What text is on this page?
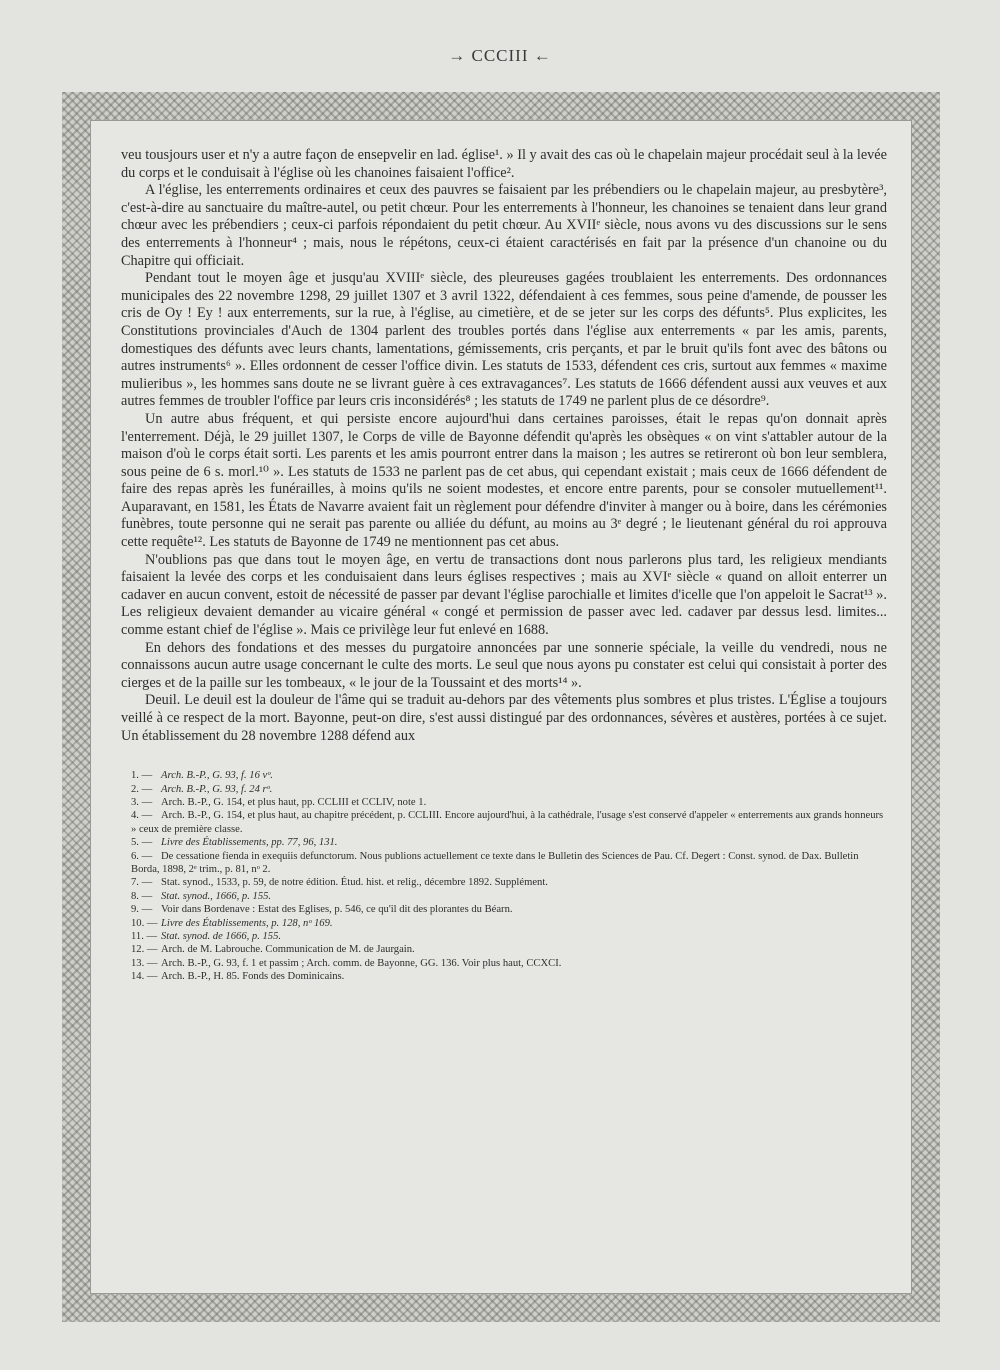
→ CCCIII ←

veu tousjours user et n'y a autre façon de ensepvelir en lad. église¹. » Il y avait des cas où le chapelain majeur procédait seul à la levée du corps et le conduisait à l'église où les chanoines faisaient l'office².

A l'église, les enterrements ordinaires et ceux des pauvres se faisaient par les prébendiers ou le chapelain majeur, au presbytère³, c'est-à-dire au sanctuaire du maître-autel, ou petit chœur. Pour les enterrements à l'honneur, les chanoines se tenaient dans leur grand chœur avec les prébendiers ; ceux-ci parfois répondaient du petit chœur. Au XVIIᵉ siècle, nous avons vu des discussions sur le sens des enterrements à l'honneur⁴ ; mais, nous le répétons, ceux-ci étaient caractérisés en fait par la présence d'un chanoine ou du Chapitre qui officiait.

Pendant tout le moyen âge et jusqu'au XVIIIᵉ siècle, des pleureuses gagées troublaient les enterrements. Des ordonnances municipales des 22 novembre 1298, 29 juillet 1307 et 3 avril 1322, défendaient à ces femmes, sous peine d'amende, de pousser les cris de Oy ! Ey ! aux enterrements, sur la rue, à l'église, au cimetière, et de se jeter sur les corps des défunts⁵. Plus explicites, les Constitutions provinciales d'Auch de 1304 parlent des troubles portés dans l'église aux enterrements « par les amis, parents, domestiques des défunts avec leurs chants, lamentations, gémissements, cris perçants, et par le bruit qu'ils font avec des bâtons ou autres instruments⁶ ». Elles ordonnent de cesser l'office divin. Les statuts de 1533, défendent ces cris, surtout aux femmes « maxime mulieribus », les hommes sans doute ne se livrant guère à ces extravagances⁷. Les statuts de 1666 défendent aussi aux veuves et aux autres femmes de troubler l'office par leurs cris inconsidérés⁸ ; les statuts de 1749 ne parlent plus de ce désordre⁹.

Un autre abus fréquent, et qui persiste encore aujourd'hui dans certaines paroisses, était le repas qu'on donnait après l'enterrement. Déjà, le 29 juillet 1307, le Corps de ville de Bayonne défendit qu'après les obsèques « on vint s'attabler autour de la maison d'où le corps était sorti. Les parents et les amis pourront entrer dans la maison ; les autres se retireront où bon leur semblera, sous peine de 6 s. morl.¹⁰ ». Les statuts de 1533 ne parlent pas de cet abus, qui cependant existait ; mais ceux de 1666 défendent de faire des repas après les funérailles, à moins qu'ils ne soient modestes, et encore entre parents, pour se consoler mutuellement¹¹. Auparavant, en 1581, les États de Navarre avaient fait un règlement pour défendre d'inviter à manger ou à boire, dans les cérémonies funèbres, toute personne qui ne serait pas parente ou alliée du défunt, au moins au 3ᵉ degré ; le lieutenant général du roi approuva cette requête¹². Les statuts de Bayonne de 1749 ne mentionnent pas cet abus.

N'oublions pas que dans tout le moyen âge, en vertu de transactions dont nous parlerons plus tard, les religieux mendiants faisaient la levée des corps et les conduisaient dans leurs églises respectives ; mais au XVIᵉ siècle « quand on alloit enterrer un cadaver en aucun convent, estoit de nécessité de passer par devant l'église parochialle et limites d'icelle que l'on appeloit le Sacrat¹³ ». Les religieux devaient demander au vicaire général « congé et permission de passer avec led. cadaver par dessus lesd. limites... comme estant chief de l'église ». Mais ce privilège leur fut enlevé en 1688.

En dehors des fondations et des messes du purgatoire annoncées par une sonnerie spéciale, la veille du vendredi, nous ne connaissons aucun autre usage concernant le culte des morts. Le seul que nous ayons pu constater est celui qui consistait à porter des cierges et de la paille sur les tombeaux, « le jour de la Toussaint et des morts¹⁴ ».

Deuil. Le deuil est la douleur de l'âme qui se traduit au-dehors par des vêtements plus sombres et plus tristes. L'Église a toujours veillé à ce respect de la mort. Bayonne, peut-on dire, s'est aussi distingué par des ordonnances, sévères et austères, portées à ce sujet. Un établissement du 28 novembre 1288 défend aux

1. — Arch. B.-P., G. 93, f. 16 vᵒ.
2. — Arch. B.-P., G. 93, f. 24 rᵒ.
3. — Arch. B.-P., G. 154, et plus haut, pp. CCLIII et CCLIV, note 1.
4. — Arch. B.-P., G. 154, et plus haut, au chapitre précédent, p. CCLIII. Encore aujourd'hui, à la cathédrale, l'usage s'est conservé d'appeler « enterrements aux grands honneurs » ceux de première classe.
5. — Livre des Établissements, pp. 77, 96, 131.
6. — De cessatione fienda in exequiis defunctorum. Nous publions actuellement ce texte dans le Bulletin des Sciences de Pau. Cf. Degert : Const. synod. de Dax. Bulletin Borda, 1898, 2ᵉ trim., p. 81, nᵒ 2.
7. — Stat. synod., 1533, p. 59, de notre édition. Étud. hist. et relig., décembre 1892. Supplément.
8. — Stat. synod., 1666, p. 155.
9. — Voir dans Bordenave : Estat des Eglises, p. 546, ce qu'il dit des plorantes du Béarn.
10. — Livre des Établissements, p. 128, nᵒ 169.
11. — Stat. synod. de 1666, p. 155.
12. — Arch. de M. Labrouche. Communication de M. de Jaurgain.
13. — Arch. B.-P., G. 93, f. 1 et passim ; Arch. comm. de Bayonne, GG. 136. Voir plus haut, CCXCI.
14. — Arch. B.-P., H. 85. Fonds des Dominicains.
